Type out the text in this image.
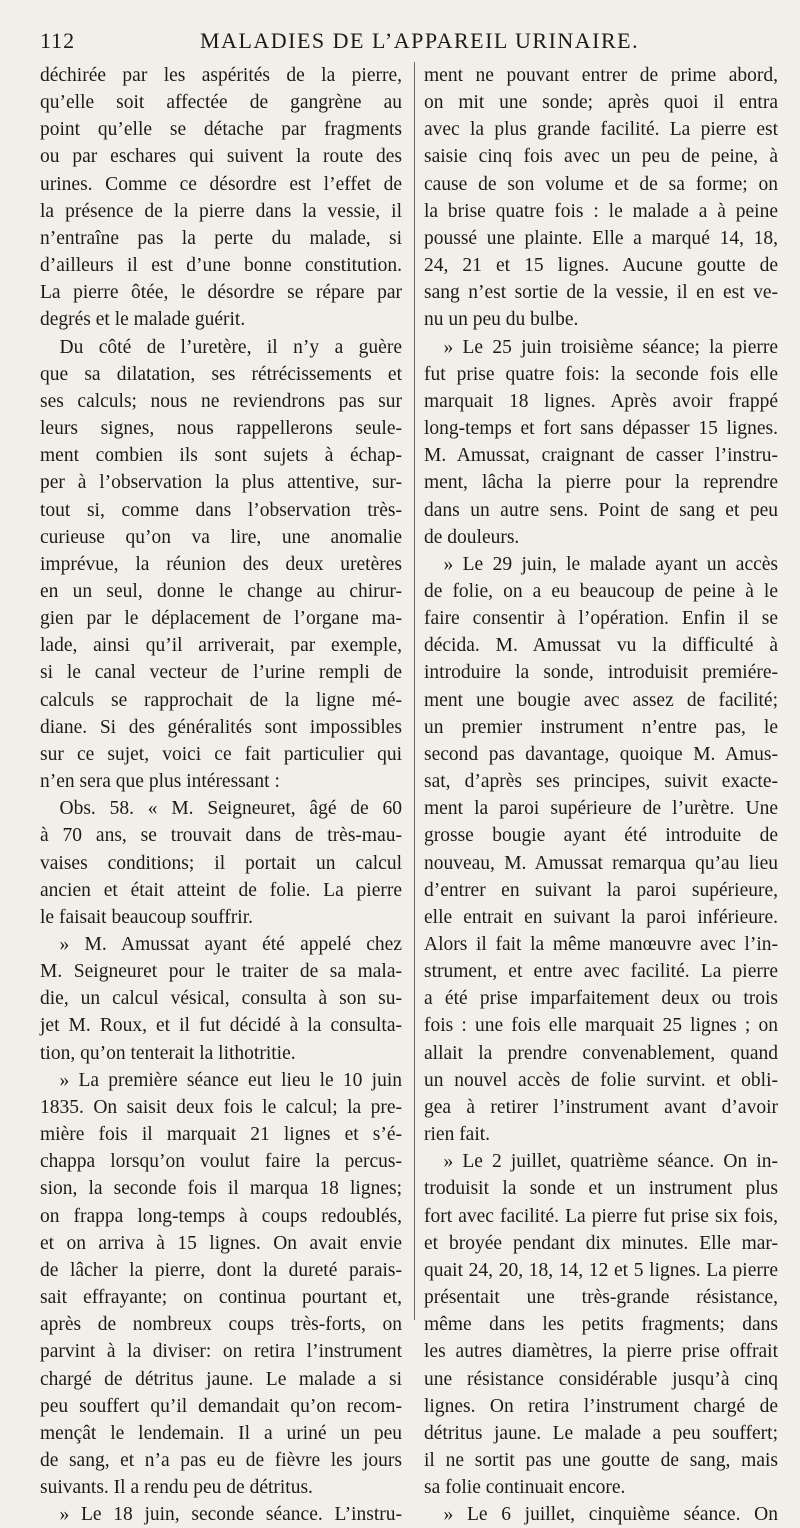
112	MALADIES DE L’APPAREIL URINAIRE.
déchirée par les aspérités de la pierre,
qu’elle soit affectée de gangrène au
point qu’elle se détache par fragments
ou par eschares qui suivent la route des
urines. Comme ce désordre est l’effet de
la présence de la pierre dans la vessie, il
n’entraîne pas la perte du malade, si
d’ailleurs il est d’une bonne constitution.
La pierre ôtée, le désordre se répare par
degrés et le malade guérit.
 Du côté de l’uretère, il n’y a guère
que sa dilatation, ses rétrécissements et
ses calculs; nous ne reviendrons pas sur
leurs signes, nous rappellerons seule-
ment combien ils sont sujets à échap-
per à l’observation la plus attentive, sur-
tout si, comme dans l’observation très-
curieuse qu’on va lire, une anomalie
imprévue, la réunion des deux uretères
en un seul, donne le change au chirur-
gien par le déplacement de l’organe ma-
lade, ainsi qu’il arriverait, par exemple,
si le canal vecteur de l’urine rempli de
calculs se rapprochait de la ligne mé-
diane. Si des généralités sont impossibles
sur ce sujet, voici ce fait particulier qui
n’en sera que plus intéressant :
 Obs. 58. « M. Seigneuret, âgé de 60
à 70 ans, se trouvait dans de très-mau-
vaises conditions; il portait un calcul
ancien et était atteint de folie. La pierre
le faisait beaucoup souffrir.
 » M. Amussat ayant été appelé chez
M. Seigneuret pour le traiter de sa mala-
die, un calcul vésical, consulta à son su-
jet M. Roux, et il fut décidé à la consulta-
tion, qu’on tenterait la lithotritie.
 » La première séance eut lieu le 10 juin
1835. On saisit deux fois le calcul; la pre-
mière fois il marquait 21 lignes et s’é-
chappa lorsqu’on voulut faire la percus-
sion, la seconde fois il marqua 18 lignes;
on frappa long-temps à coups redoublés,
et on arriva à 15 lignes. On avait envie
de lâcher la pierre, dont la dureté parais-
sait effrayante; on continua pourtant et,
après de nombreux coups très-forts, on
parvint à la diviser: on retira l’instrument
chargé de détritus jaune. Le malade a si
peu souffert qu’il demandait qu’on recom-
mençât le lendemain. Il a uriné un peu
de sang, et n’a pas eu de fièvre les jours
suivants. Il a rendu peu de détritus.
 » Le 18 juin, seconde séance. L’instru-
ment ne pouvant entrer de prime abord,
on mit une sonde; après quoi il entra
avec la plus grande facilité. La pierre est
saisie cinq fois avec un peu de peine, à
cause de son volume et de sa forme; on
la brise quatre fois : le malade a à peine
poussé une plainte. Elle a marqué 14, 18,
24, 21 et 15 lignes. Aucune goutte de
sang n’est sortie de la vessie, il en est ve-
nu un peu du bulbe.
 » Le 25 juin troisième séance; la pierre
fut prise quatre fois: la seconde fois elle
marquait 18 lignes. Après avoir frappé
long-temps et fort sans dépasser 15 lignes.
M. Amussat, craignant de casser l’instru-
ment, lâcha la pierre pour la reprendre
dans un autre sens. Point de sang et peu
de douleurs.
 » Le 29 juin, le malade ayant un accès
de folie, on a eu beaucoup de peine à le
faire consentir à l’opération. Enfin il se
décida. M. Amussat vu la difficulté à
introduire la sonde, introduisit premiére-
ment une bougie avec assez de facilité;
un premier instrument n’entre pas, le
second pas davantage, quoique M. Amus-
sat, d’après ses principes, suivit exacte-
ment la paroi supérieure de l’urètre. Une
grosse bougie ayant été introduite de
nouveau, M. Amussat remarqua qu’au lieu
d’entrer en suivant la paroi supérieure,
elle entrait en suivant la paroi inférieure.
Alors il fait la même manœuvre avec l’in-
strument, et entre avec facilité. La pierre
a été prise imparfaitement deux ou trois
fois : une fois elle marquait 25 lignes ; on
allait la prendre convenablement, quand
un nouvel accès de folie survint. et obli-
gea à retirer l’instrument avant d’avoir
rien fait.
 » Le 2 juillet, quatrième séance. On in-
troduisit la sonde et un instrument plus
fort avec facilité. La pierre fut prise six fois,
et broyée pendant dix minutes. Elle mar-
quait 24, 20, 18, 14, 12 et 5 lignes. La pierre
présentait une très-grande résistance,
même dans les petits fragments; dans
les autres diamètres, la pierre prise offrait
une résistance considérable jusqu’à cinq
lignes. On retira l’instrument chargé de
détritus jaune. Le malade a peu souffert;
il ne sortit pas une goutte de sang, mais
sa folie continuait encore.
 » Le 6 juillet, cinquième séance. On
